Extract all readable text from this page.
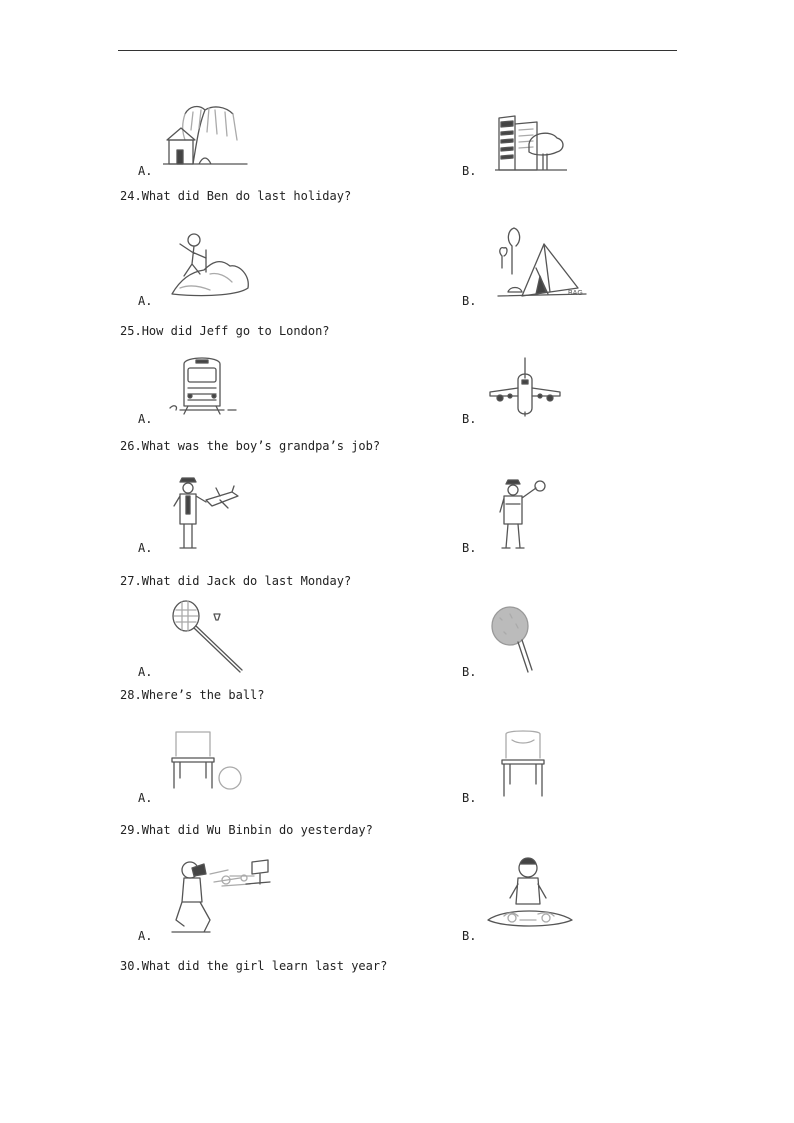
A.	B.
24.What did Ben do last holiday?
A.
BAG
B.
25.How did Jeff go to London?
A.	B.
26.What was the boy’s grandpa’s job?
A.	B.
27.What did Jack do last Monday?
A.	B.
28.Where’s the ball?
A.	B.
29.What did Wu Binbin do yesterday?
A.	B.
30.What did the girl learn last year?
